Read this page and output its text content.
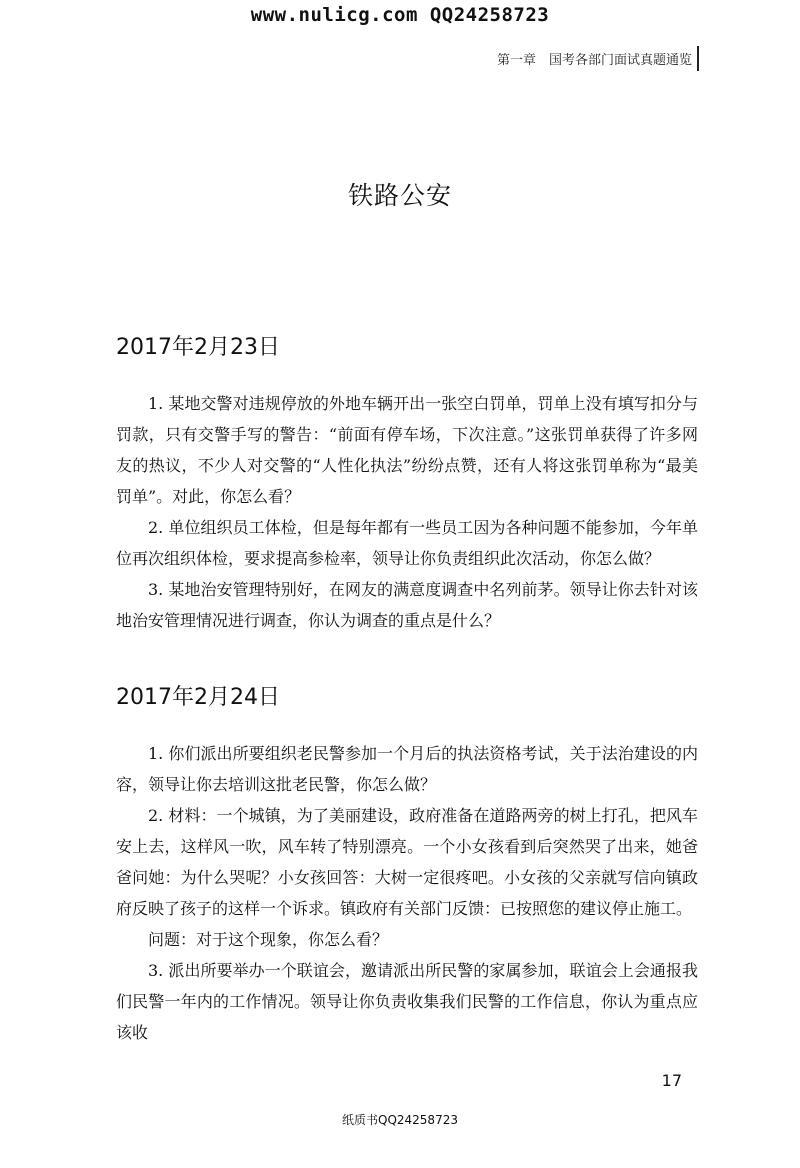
www.nulicg.com QQ24258723
第一章　国考各部门面试真题通览
铁路公安
2017年2月23日

1. 某地交警对违规停放的外地车辆开出一张空白罚单，罚单上没有填写扣分与罚款，只有交警手写的警告：“前面有停车场，下次注意。”这张罚单获得了许多网友的热议，不少人对交警的“人性化执法”纷纷点赞，还有人将这张罚单称为“最美罚单”。对此，你怎么看？

2. 单位组织员工体检，但是每年都有一些员工因为各种问题不能参加，今年单位再次组织体检，要求提高参检率，领导让你负责组织此次活动，你怎么做？

3. 某地治安管理特别好，在网友的满意度调查中名列前茅。领导让你去针对该地治安管理情况进行调查，你认为调查的重点是什么？

2017年2月24日

1. 你们派出所要组织老民警参加一个月后的执法资格考试，关于法治建设的内容，领导让你去培训这批老民警，你怎么做？

2. 材料：一个城镇，为了美丽建设，政府准备在道路两旁的树上打孔，把风车安上去，这样风一吹，风车转了特别漂亮。一个小女孩看到后突然哭了出来，她爸爸问她：为什么哭呢？小女孩回答：大树一定很疼吧。小女孩的父亲就写信向镇政府反映了孩子的这样一个诉求。镇政府有关部门反馈：已按照您的建议停止施工。

问题：对于这个现象，你怎么看？

3. 派出所要举办一个联谊会，邀请派出所民警的家属参加，联谊会上会通报我们民警一年内的工作情况。领导让你负责收集我们民警的工作信息，你认为重点应该收

17
纸质书QQ24258723
